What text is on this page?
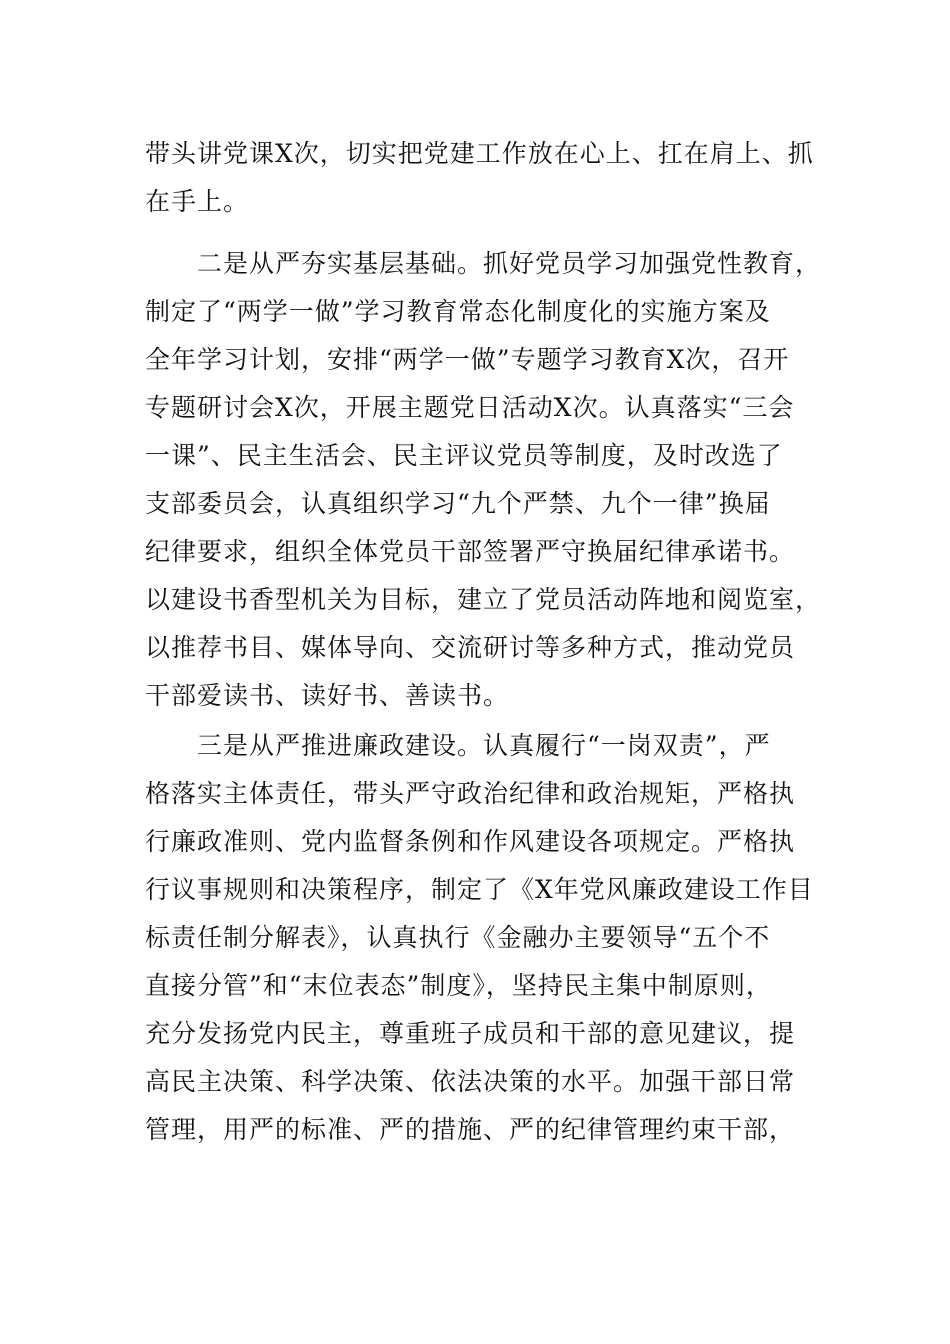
带头讲党课X次，切实把党建工作放在心上、扛在肩上、抓
在手上。
二是从严夯实基层基础。抓好党员学习加强党性教育，
制定了“两学一做”学习教育常态化制度化的实施方案及
全年学习计划，安排“两学一做”专题学习教育X次，召开
专题研讨会X次，开展主题党日活动X次。认真落实“三会
一课”、民主生活会、民主评议党员等制度，及时改选了
支部委员会，认真组织学习“九个严禁、九个一律”换届
纪律要求，组织全体党员干部签署严守换届纪律承诺书。
以建设书香型机关为目标，建立了党员活动阵地和阅览室，
以推荐书目、媒体导向、交流研讨等多种方式，推动党员
干部爱读书、读好书、善读书。
三是从严推进廉政建设。认真履行“一岗双责”，严
格落实主体责任，带头严守政治纪律和政治规矩，严格执
行廉政准则、党内监督条例和作风建设各项规定。严格执
行议事规则和决策程序，制定了《X年党风廉政建设工作目
标责任制分解表》，认真执行《金融办主要领导“五个不
直接分管”和“末位表态”制度》，坚持民主集中制原则，
充分发扬党内民主，尊重班子成员和干部的意见建议，提
高民主决策、科学决策、依法决策的水平。加强干部日常
管理，用严的标准、严的措施、严的纪律管理约束干部，
